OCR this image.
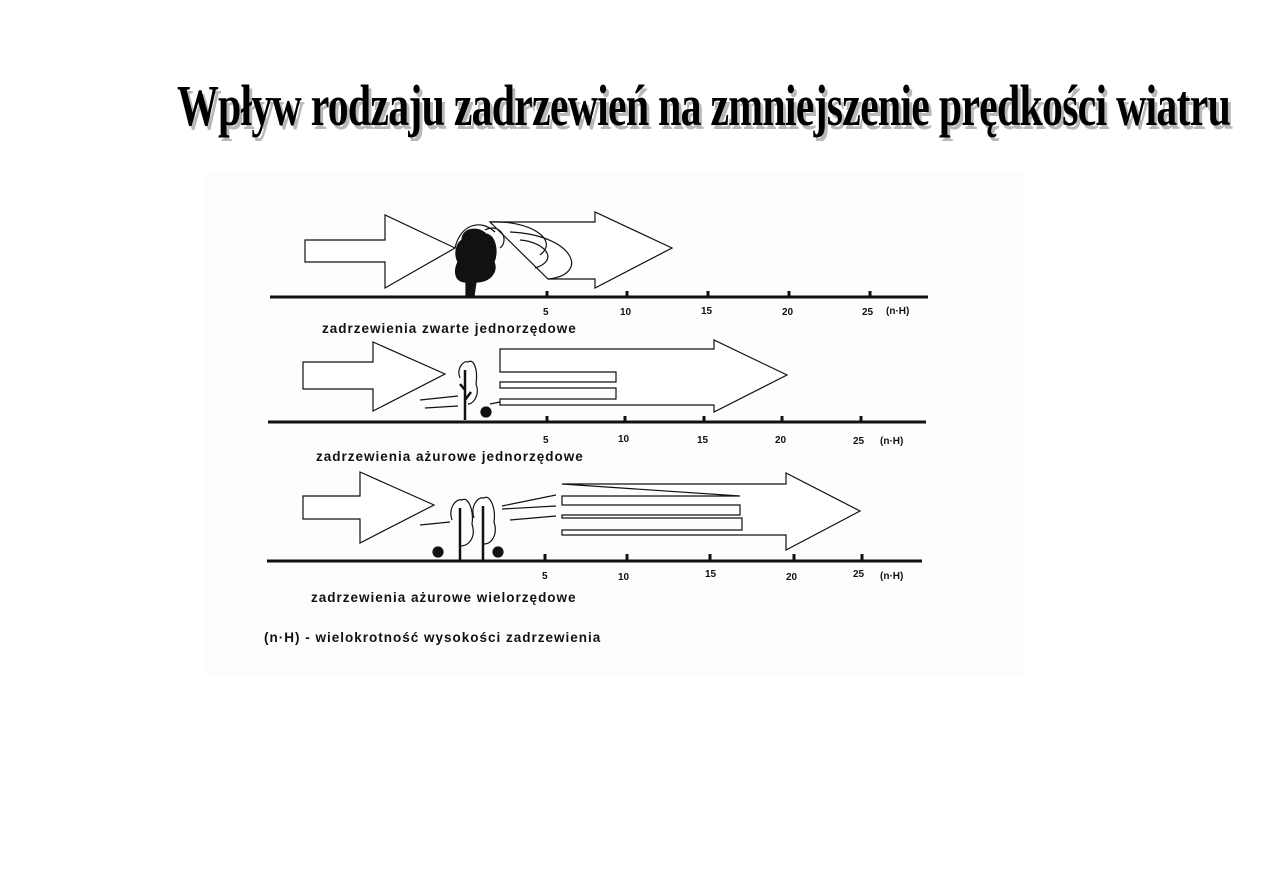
Wpływ rodzaju zadrzewień na zmniejszenie prędkości wiatru
5	10	15	20	25 (n·H)
5	10	15	20	25 (n·H)
5	10	15	20	25 (n·H)
zadrzewienia zwarte jednorzędowe
zadrzewienia ażurowe jednorzędowe
zadrzewienia ażurowe wielorzędowe
(n·H) - wielokrotność wysokości zadrzewienia
